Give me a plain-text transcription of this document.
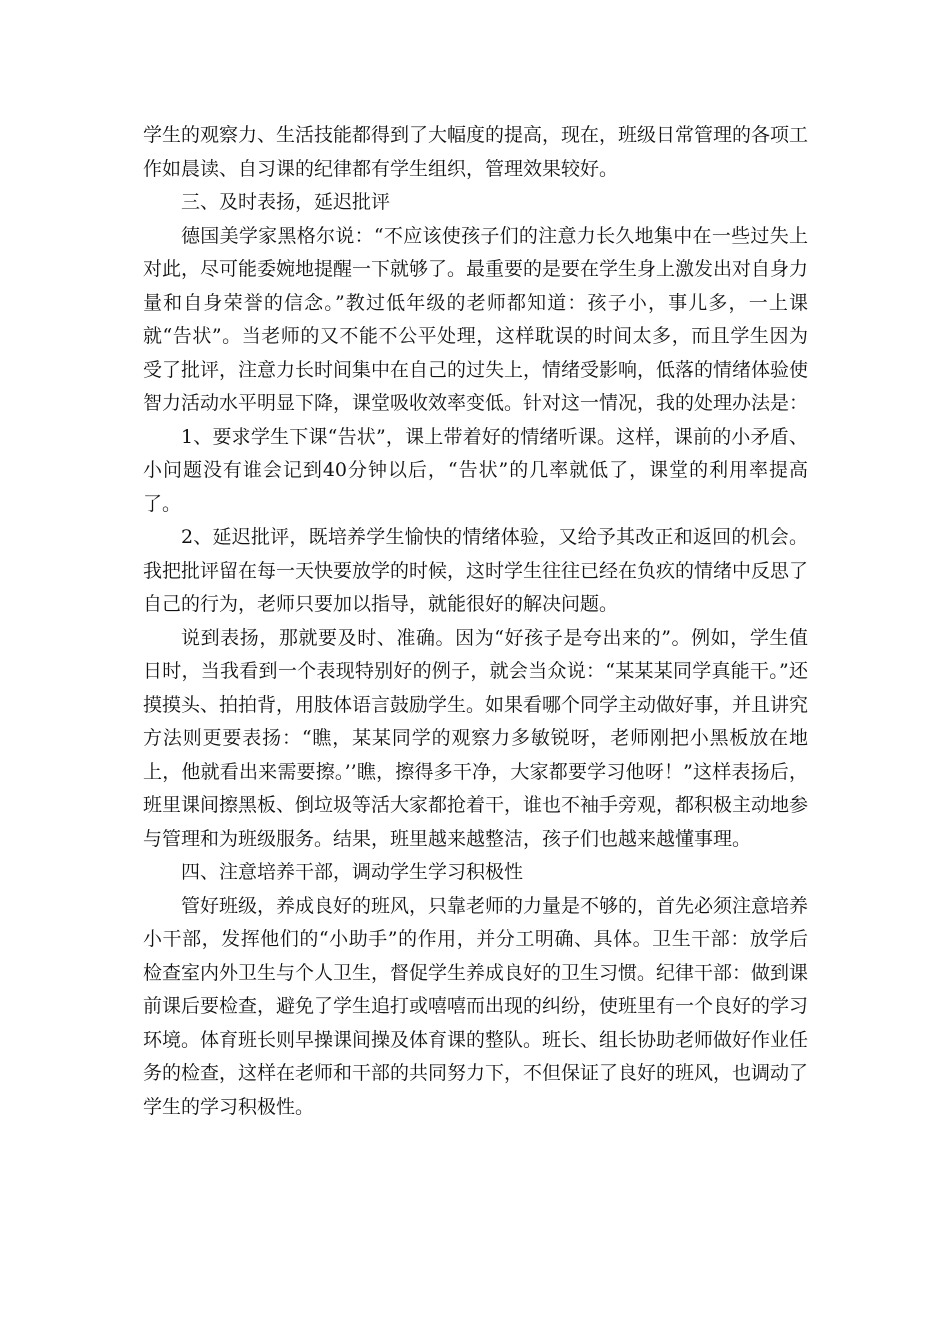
学生的观察力、生活技能都得到了大幅度的提高，现在，班级日常管理的各项工作如晨读、自习课的纪律都有学生组织，管理效果较好。

三、及时表扬，延迟批评

德国美学家黑格尔说：“不应该使孩子们的注意力长久地集中在一些过失上对此，尽可能委婉地提醒一下就够了。最重要的是要在学生身上激发出对自身力量和自身荣誉的信念。”教过低年级的老师都知道：孩子小，事儿多，一上课就“告状”。当老师的又不能不公平处理，这样耽误的时间太多，而且学生因为受了批评，注意力长时间集中在自己的过失上，情绪受影响，低落的情绪体验使智力活动水平明显下降，课堂吸收效率变低。针对这一情况，我的处理办法是：

1、要求学生下课“告状”，课上带着好的情绪听课。这样，课前的小矛盾、小问题没有谁会记到40分钟以后，“告状”的几率就低了，课堂的利用率提高了。

2、延迟批评，既培养学生愉快的情绪体验，又给予其改正和返回的机会。我把批评留在每一天快要放学的时候，这时学生往往已经在负疚的情绪中反思了自己的行为，老师只要加以指导，就能很好的解决问题。

说到表扬，那就要及时、准确。因为“好孩子是夸出来的”。例如，学生值日时，当我看到一个表现特别好的例子，就会当众说：“某某某同学真能干。”还摸摸头、拍拍背，用肢体语言鼓励学生。如果看哪个同学主动做好事，并且讲究方法则更要表扬：“瞧，某某同学的观察力多敏锐呀，老师刚把小黑板放在地上，他就看出来需要擦。’’瞧，擦得多干净，大家都要学习他呀！”这样表扬后，班里课间擦黑板、倒垃圾等活大家都抢着干，谁也不袖手旁观，都积极主动地参与管理和为班级服务。结果，班里越来越整洁，孩子们也越来越懂事理。

四、注意培养干部，调动学生学习积极性

管好班级，养成良好的班风，只靠老师的力量是不够的，首先必须注意培养小干部，发挥他们的“小助手”的作用，并分工明确、具体。卫生干部：放学后检查室内外卫生与个人卫生，督促学生养成良好的卫生习惯。纪律干部：做到课前课后要检查，避免了学生追打或嘻嘻而出现的纠纷，使班里有一个良好的学习环境。体育班长则早操课间操及体育课的整队。班长、组长协助老师做好作业任务的检查，这样在老师和干部的共同努力下，不但保证了良好的班风，也调动了学生的学习积极性。
